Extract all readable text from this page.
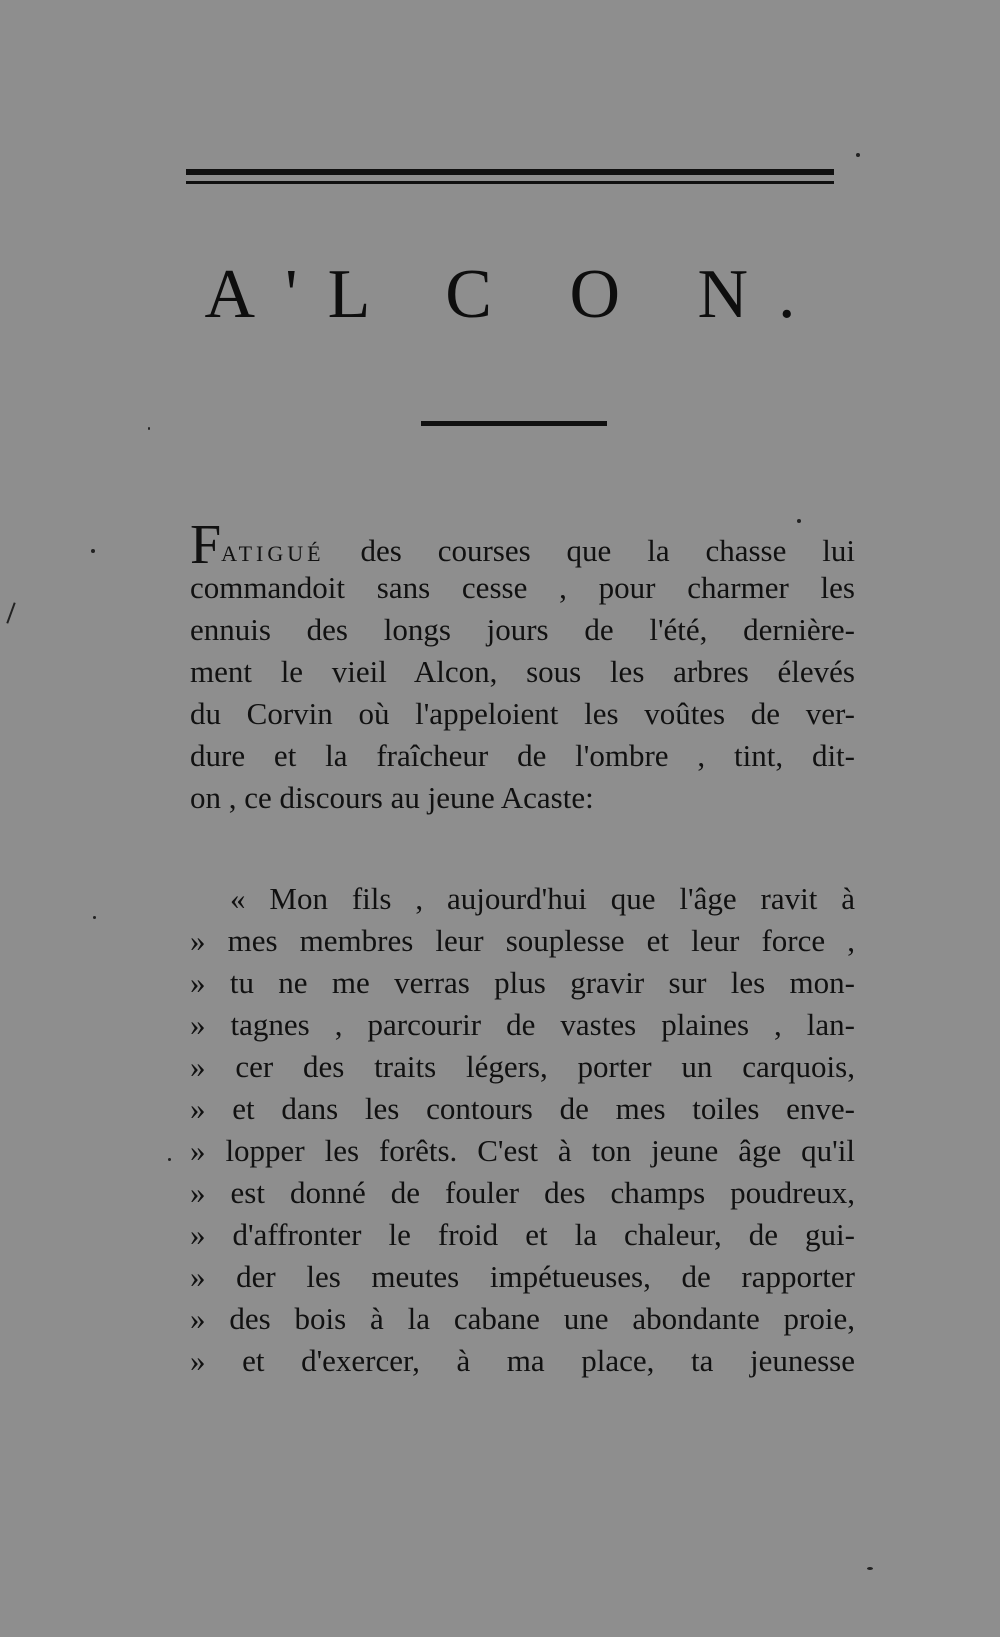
A'L C O N.
FATIGUÉ des courses que la chasse lui
commandoit sans cesse , pour charmer les
ennuis des longs jours de l'été, dernière-
ment le vieil Alcon, sous les arbres élevés
du Corvin où l'appeloient les voûtes de ver-
dure et la fraîcheur de l'ombre , tint, dit-
on , ce discours au jeune Acaste:
« Mon fils , aujourd'hui que l'âge ravit à
» mes membres leur souplesse et leur force ,
» tu ne me verras plus gravir sur les mon-
» tagnes , parcourir de vastes plaines , lan-
» cer des traits légers, porter un carquois,
» et dans les contours de mes toiles enve-
» lopper les forêts. C'est à ton jeune âge qu'il
» est donné de fouler des champs poudreux,
» d'affronter le froid et la chaleur, de gui-
» der les meutes impétueuses, de rapporter
» des bois à la cabane une abondante proie,
» et d'exercer, à ma place, ta jeunesse
